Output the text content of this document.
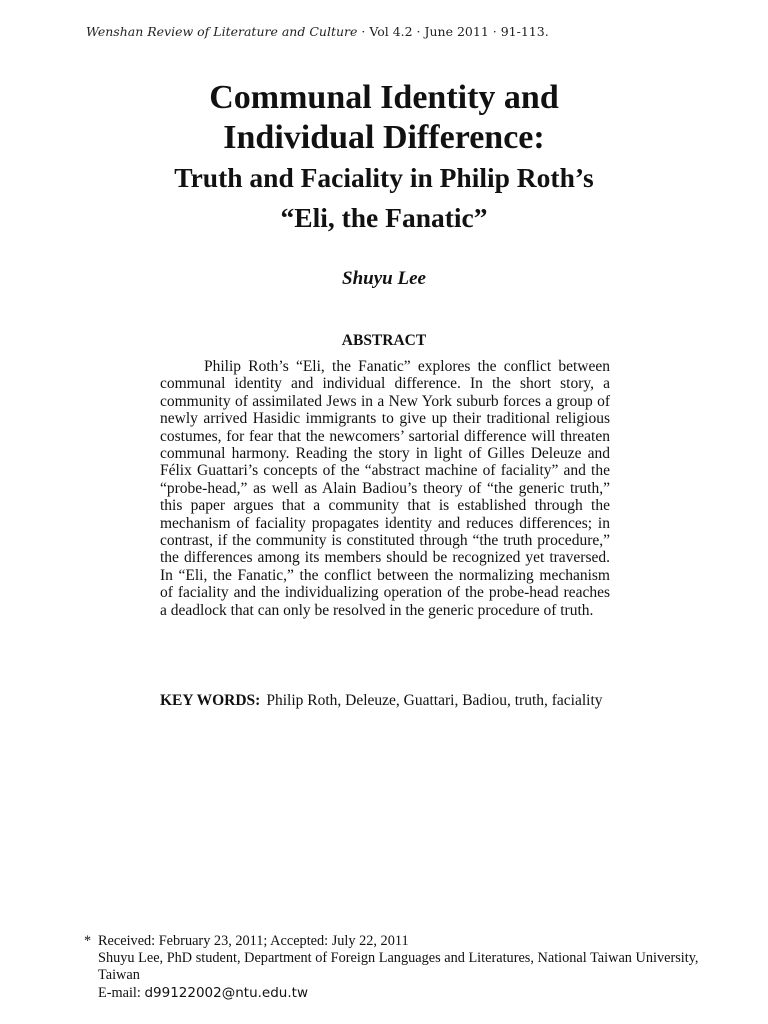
Wenshan Review of Literature and Culture · Vol 4.2 · June 2011 · 91-113.
Communal Identity and
Individual Difference:
Truth and Faciality in Philip Roth’s
“Eli, the Fanatic”
Shuyu Lee
ABSTRACT
Philip Roth’s “Eli, the Fanatic” explores the conflict between communal identity and individual difference. In the short story, a community of assimilated Jews in a New York suburb forces a group of newly arrived Hasidic immigrants to give up their traditional religious costumes, for fear that the newcomers’ sartorial difference will threaten communal harmony. Reading the story in light of Gilles Deleuze and Félix Guattari’s concepts of the “abstract machine of faciality” and the “probe-head,” as well as Alain Badiou’s theory of “the generic truth,” this paper argues that a community that is established through the mechanism of faciality propagates identity and reduces differences; in contrast, if the community is constituted through “the truth procedure,” the differences among its members should be recognized yet traversed. In “Eli, the Fanatic,” the conflict between the normalizing mechanism of faciality and the individualizing operation of the probe-head reaches a deadlock that can only be resolved in the generic procedure of truth.
KEY WORDS: Philip Roth, Deleuze, Guattari, Badiou, truth, faciality
* Received: February 23, 2011; Accepted: July 22, 2011
Shuyu Lee, PhD student, Department of Foreign Languages and Literatures, National Taiwan University, Taiwan
E-mail: d99122002@ntu.edu.tw
